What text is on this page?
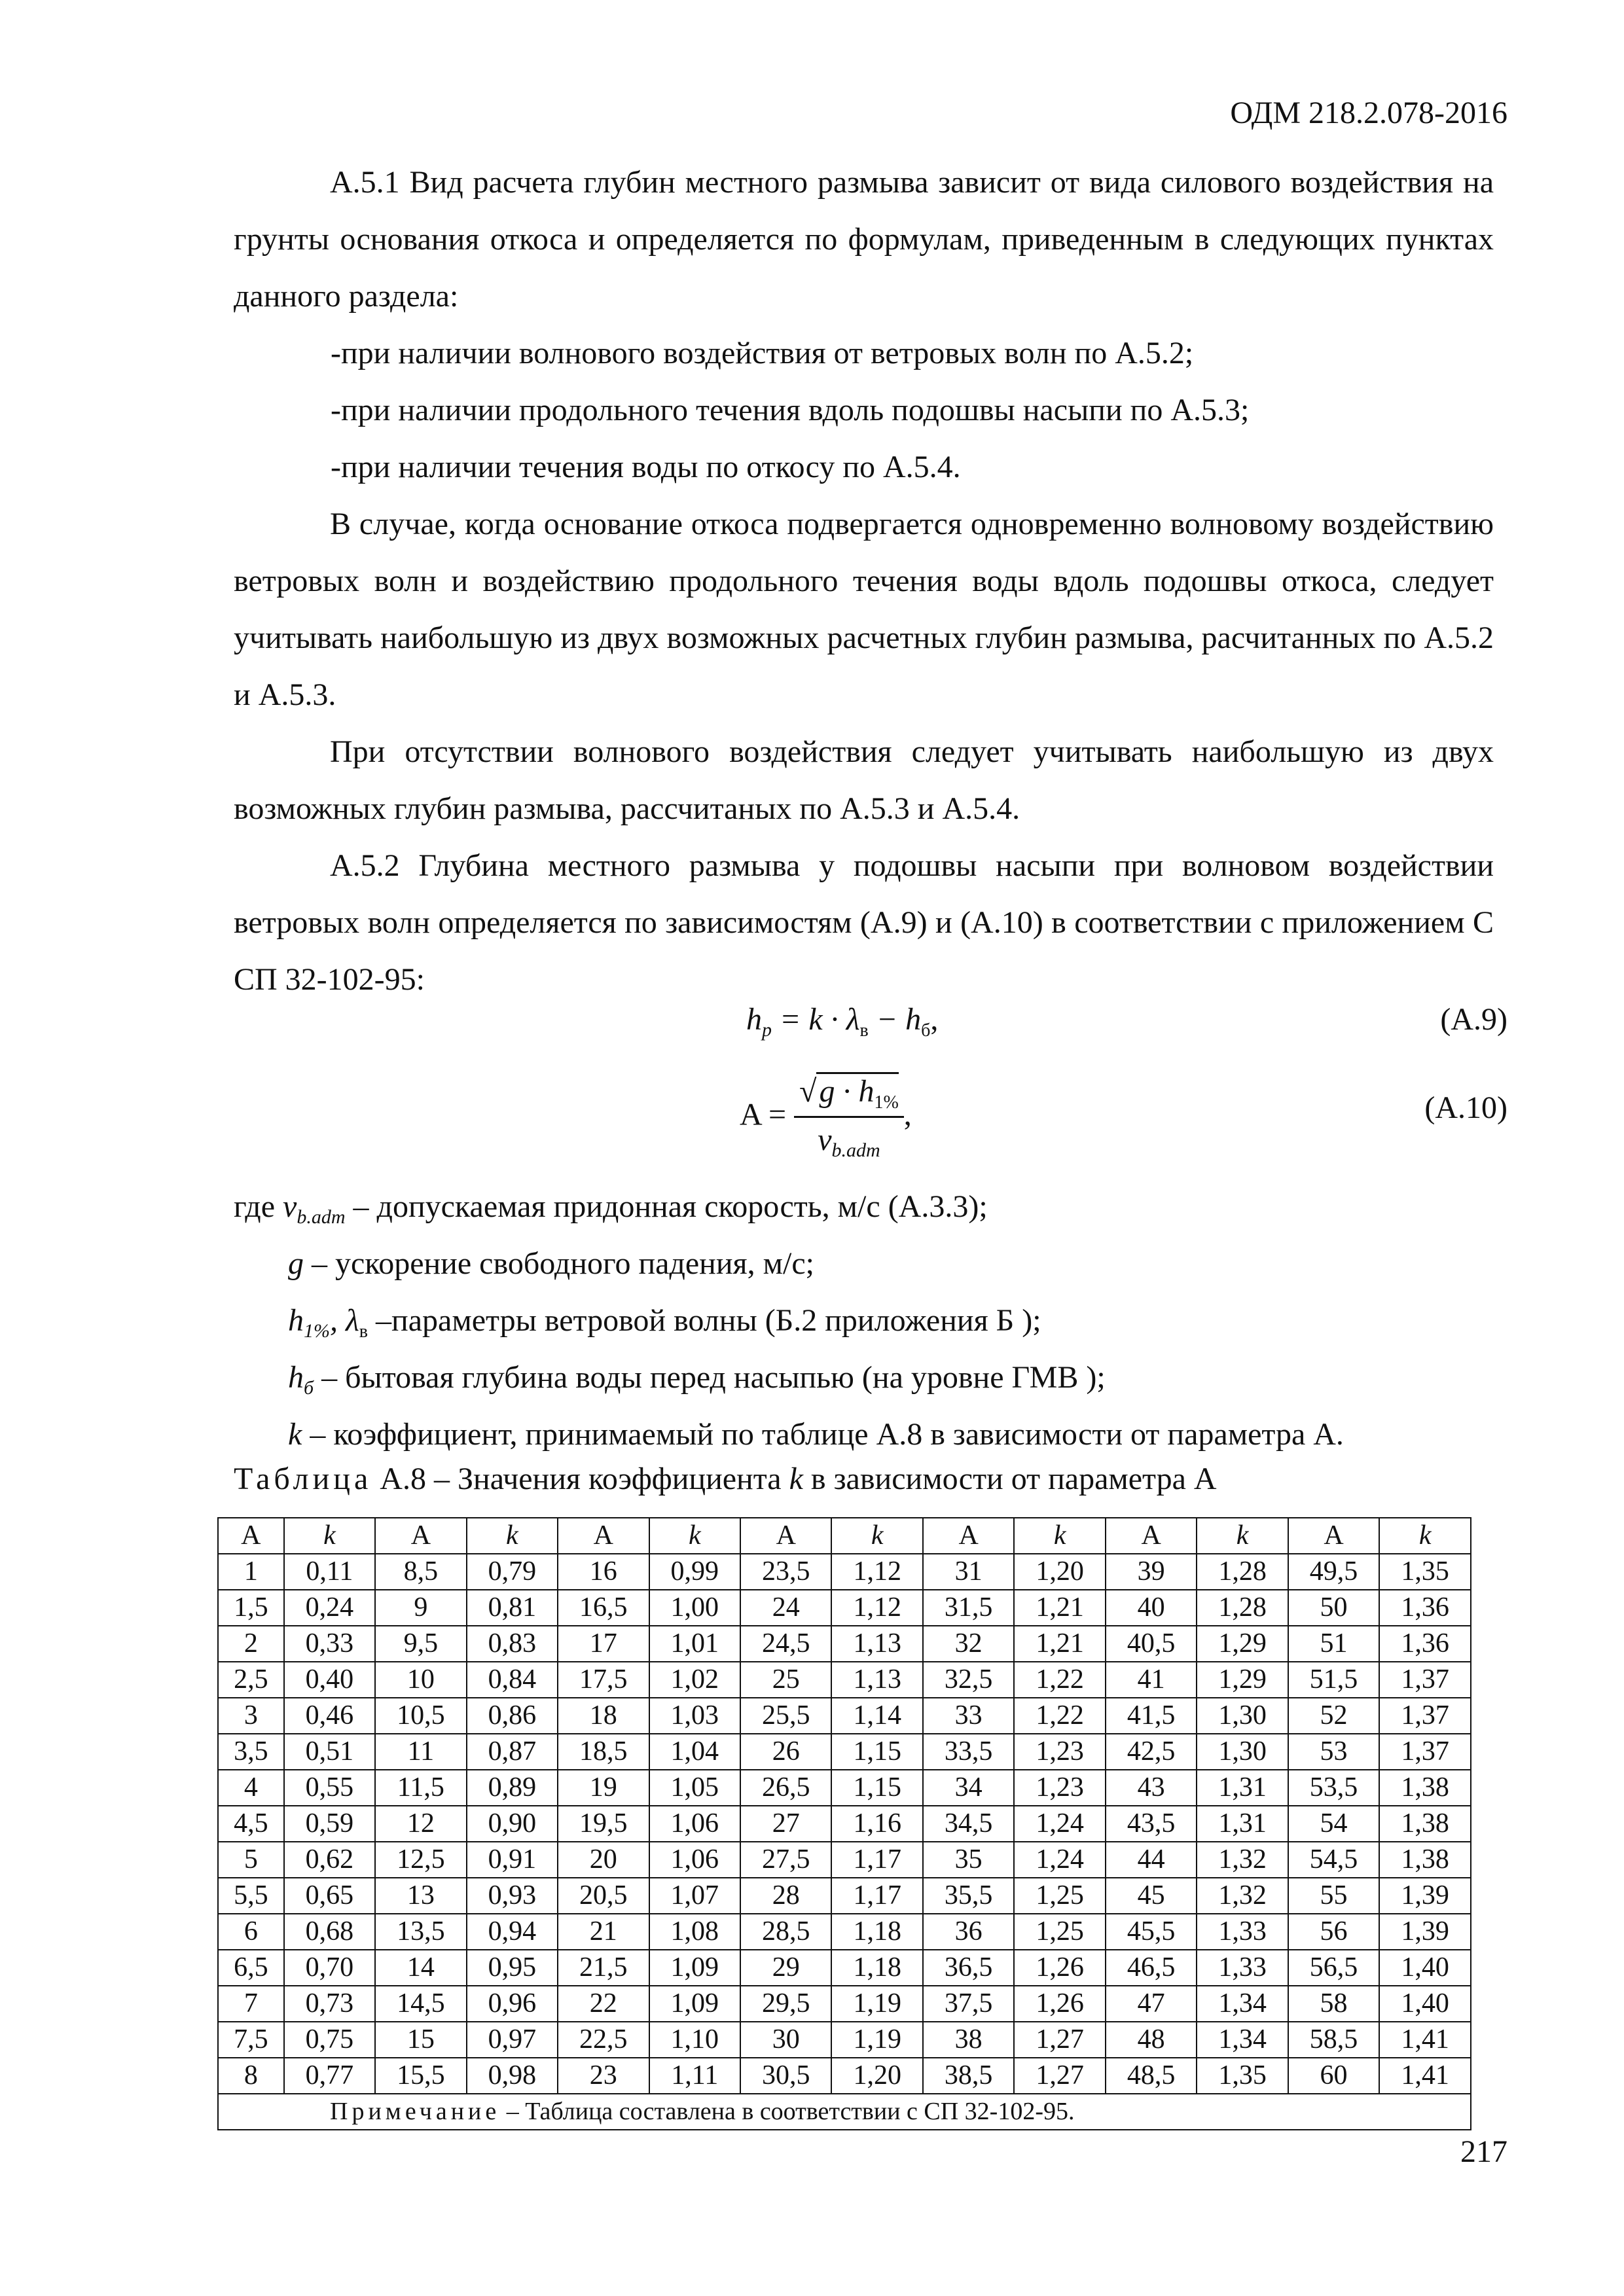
ОДМ 218.2.078-2016

А.5.1 Вид расчета глубин местного размыва зависит от вида силового воздействия на грунты основания откоса и определяется по формулам, приведенным в следующих пунктах данного раздела:

-при наличии волнового воздействия от ветровых волн по А.5.2;

-при наличии продольного течения вдоль подошвы насыпи по А.5.3;

-при наличии течения воды по откосу по А.5.4.

В случае, когда основание откоса подвергается одновременно волновому воздействию ветровых волн и воздействию продольного течения воды вдоль подошвы откоса, следует учитывать наибольшую из двух возможных расчетных глубин размыва, расчитанных по А.5.2 и А.5.3.

При отсутствии волнового воздействия следует учитывать наибольшую из двух возможных глубин размыва, рассчитаных по А.5.3 и А.5.4.

А.5.2 Глубина местного размыва у подошвы насыпи при волновом воздействии ветровых волн определяется по зависимостям (А.9) и (А.10) в соответствии с приложением С СП 32-102-95:

$h_p = k \cdot \lambda_в - h_б$,	(А.9)
$A = \frac{√g \cdot h_{1\%}}{v_{b.adm}}$ ,	(А.10)

где $v_{b.adm}$ – допускаемая придонная скорость, м/с (А.3.3);

g – ускорение свободного падения, м/с;

$h_{1\%}$, $\lambda_в$ –параметры ветровой волны (Б.2 приложения Б );

$h_б$ – бытовая глубина воды перед насыпью (на уровне ГМВ );

k – коэффициент, принимаемый по таблице А.8 в зависимости от параметра А.

Таблица А.8 – Значения коэффициента k в зависимости от параметра А
А	k	А	k	А	k	А	k	А	k	А	k	А	k
1	0,11	8,5	0,79	16	0,99	23,5	1,12	31	1,20	39	1,28	49,5	1,35
1,5	0,24	9	0,81	16,5	1,00	24	1,12	31,5	1,21	40	1,28	50	1,36
2	0,33	9,5	0,83	17	1,01	24,5	1,13	32	1,21	40,5	1,29	51	1,36
2,5	0,40	10	0,84	17,5	1,02	25	1,13	32,5	1,22	41	1,29	51,5	1,37
3	0,46	10,5	0,86	18	1,03	25,5	1,14	33	1,22	41,5	1,30	52	1,37
3,5	0,51	11	0,87	18,5	1,04	26	1,15	33,5	1,23	42,5	1,30	53	1,37
4	0,55	11,5	0,89	19	1,05	26,5	1,15	34	1,23	43	1,31	53,5	1,38
4,5	0,59	12	0,90	19,5	1,06	27	1,16	34,5	1,24	43,5	1,31	54	1,38
5	0,62	12,5	0,91	20	1,06	27,5	1,17	35	1,24	44	1,32	54,5	1,38
5,5	0,65	13	0,93	20,5	1,07	28	1,17	35,5	1,25	45	1,32	55	1,39
6	0,68	13,5	0,94	21	1,08	28,5	1,18	36	1,25	45,5	1,33	56	1,39
6,5	0,70	14	0,95	21,5	1,09	29	1,18	36,5	1,26	46,5	1,33	56,5	1,40
7	0,73	14,5	0,96	22	1,09	29,5	1,19	37,5	1,26	47	1,34	58	1,40
7,5	0,75	15	0,97	22,5	1,10	30	1,19	38	1,27	48	1,34	58,5	1,41
8	0,77	15,5	0,98	23	1,11	30,5	1,20	38,5	1,27	48,5	1,35	60	1,41
Примечание – Таблица составлена в соответствии с СП 32-102-95.													
217
